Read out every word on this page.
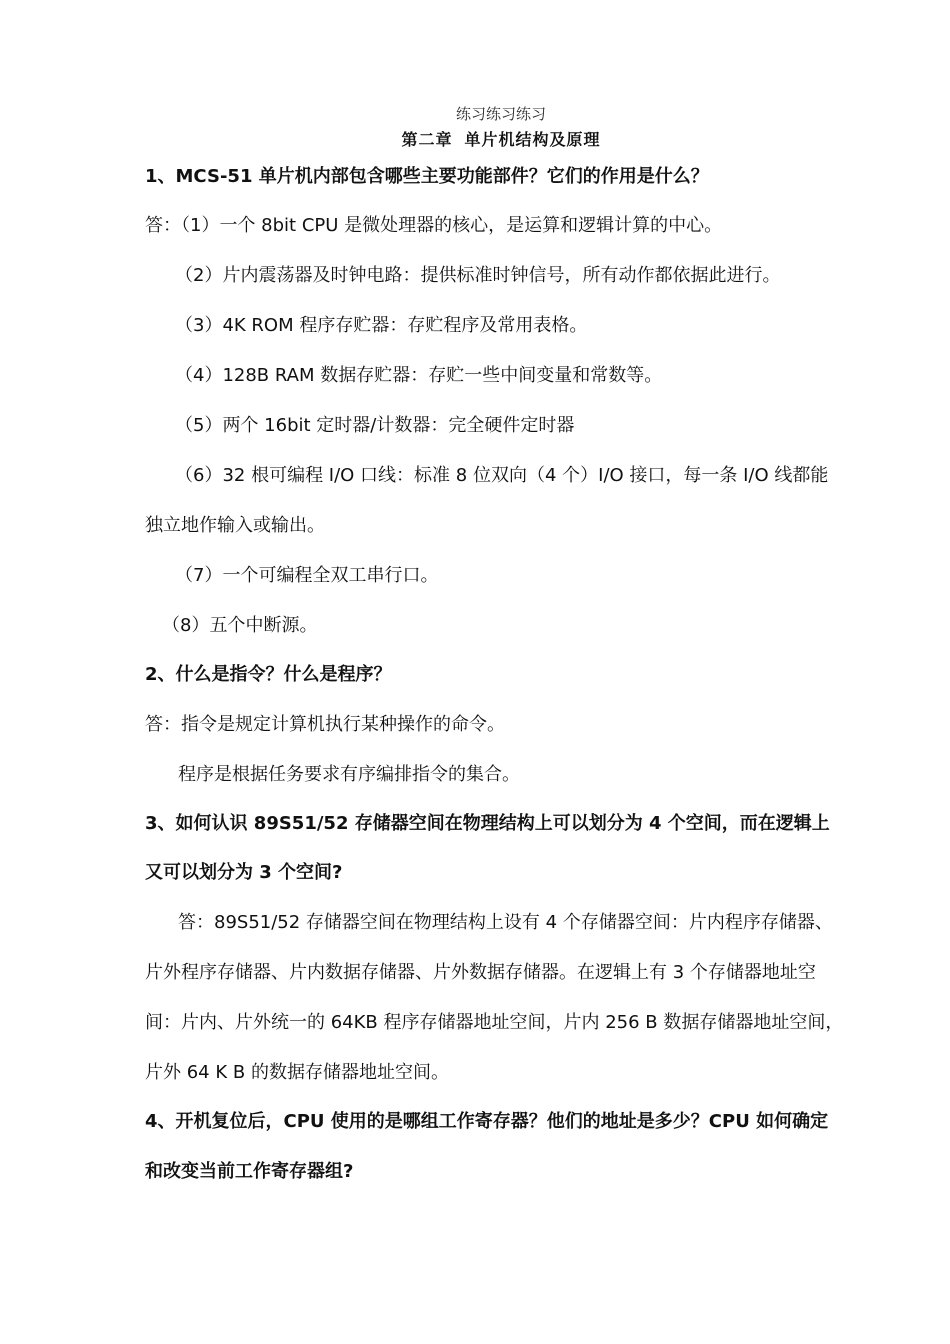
练习练习练习
第二章 单片机结构及原理
1、MCS-51 单片机内部包含哪些主要功能部件？它们的作用是什么？
答：（1）一个 8bit CPU 是微处理器的核心，是运算和逻辑计算的中心。
（2）片内震荡器及时钟电路：提供标准时钟信号，所有动作都依据此进行。
（3）4K ROM 程序存贮器：存贮程序及常用表格。
（4）128B RAM 数据存贮器：存贮一些中间变量和常数等。
（5）两个 16bit 定时器/计数器：完全硬件定时器
（6）32 根可编程 I/O 口线：标准 8 位双向（4 个）I/O 接口，每一条 I/O 线都能
独立地作输入或输出。
（7）一个可编程全双工串行口。
（8）五个中断源。
2、什么是指令？什么是程序？
答：指令是规定计算机执行某种操作的命令。
程序是根据任务要求有序编排指令的集合。
3、如何认识 89S51/52 存储器空间在物理结构上可以划分为 4 个空间，而在逻辑上
又可以划分为 3 个空间?
答：89S51/52 存储器空间在物理结构上设有 4 个存储器空间：片内程序存储器、
片外程序存储器、片内数据存储器、片外数据存储器。在逻辑上有 3 个存储器地址空
间：片内、片外统一的 64KB 程序存储器地址空间，片内 256 B 数据存储器地址空间，
片外 64 K B 的数据存储器地址空间。
4、开机复位后，CPU 使用的是哪组工作寄存器？他们的地址是多少？CPU 如何确定
和改变当前工作寄存器组?
